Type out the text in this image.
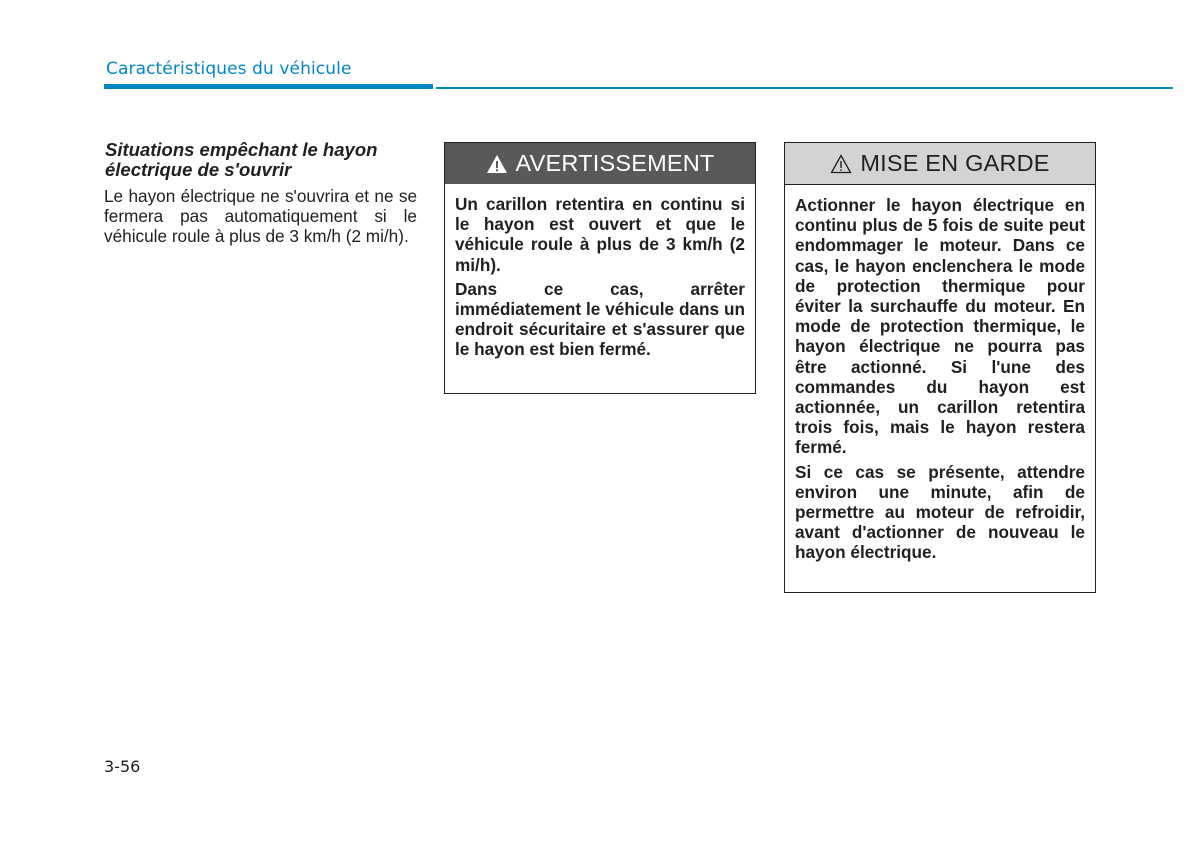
Caractéristiques du véhicule
Situations empêchant le hayon électrique de s'ouvrir
Le hayon électrique ne s'ouvrira et ne se fermera pas automatiquement si le véhicule roule à plus de 3 km/h (2 mi/h).
AVERTISSEMENT

Un carillon retentira en continu si le hayon est ouvert et que le véhicule roule à plus de 3 km/h (2 mi/h).

Dans ce cas, arrêter immédiatement le véhicule dans un endroit sécuritaire et s'assurer que le hayon est bien fermé.

MISE EN GARDE

Actionner le hayon électrique en continu plus de 5 fois de suite peut endommager le moteur. Dans ce cas, le hayon enclenchera le mode de protection thermique pour éviter la surchauffe du moteur. En mode de protection thermique, le hayon électrique ne pourra pas être actionné. Si l'une des commandes du hayon est actionnée, un carillon retentira trois fois, mais le hayon restera fermé.

Si ce cas se présente, attendre environ une minute, afin de permettre au moteur de refroidir, avant d'actionner de nouveau le hayon électrique.

3-56
